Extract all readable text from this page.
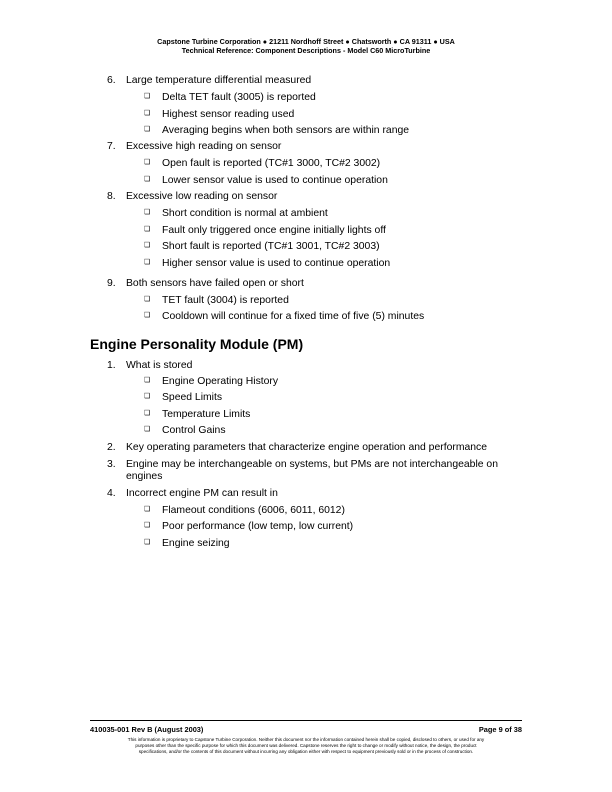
Capstone Turbine Corporation ● 21211 Nordhoff Street ● Chatsworth ● CA 91311 ● USA
Technical Reference: Component Descriptions - Model C60 MicroTurbine
6. Large temperature differential measured
❏ Delta TET fault (3005) is reported
❏ Highest sensor reading used
❏ Averaging begins when both sensors are within range
7. Excessive high reading on sensor
❏ Open fault is reported (TC#1 3000, TC#2 3002)
❏ Lower sensor value is used to continue operation
8. Excessive low reading on sensor
❏ Short condition is normal at ambient
❏ Fault only triggered once engine initially lights off
❏ Short fault is reported (TC#1 3001, TC#2 3003)
❏ Higher sensor value is used to continue operation
9. Both sensors have failed open or short
❏ TET fault (3004) is reported
❏ Cooldown will continue for a fixed time of five (5) minutes
Engine Personality Module (PM)
1. What is stored
❏ Engine Operating History
❏ Speed Limits
❏ Temperature Limits
❏ Control Gains
2. Key operating parameters that characterize engine operation and performance
3. Engine may be interchangeable on systems, but PMs are not interchangeable on
engines
4. Incorrect engine PM can result in
❏ Flameout conditions (6006, 6011, 6012)
❏ Poor performance (low temp, low current)
❏ Engine seizing
410035-001 Rev B (August 2003)	Page 9 of 38
This information is proprietary to Capstone Turbine Corporation. Neither this document nor the information contained herein shall be copied, disclosed to others, or used for any
purposes other than the specific purpose for which this document was delivered. Capstone reserves the right to change or modify without notice, the design, the product
specifications, and/or the contents of this document without incurring any obligation either with respect to equipment previously sold or in the process of construction.
